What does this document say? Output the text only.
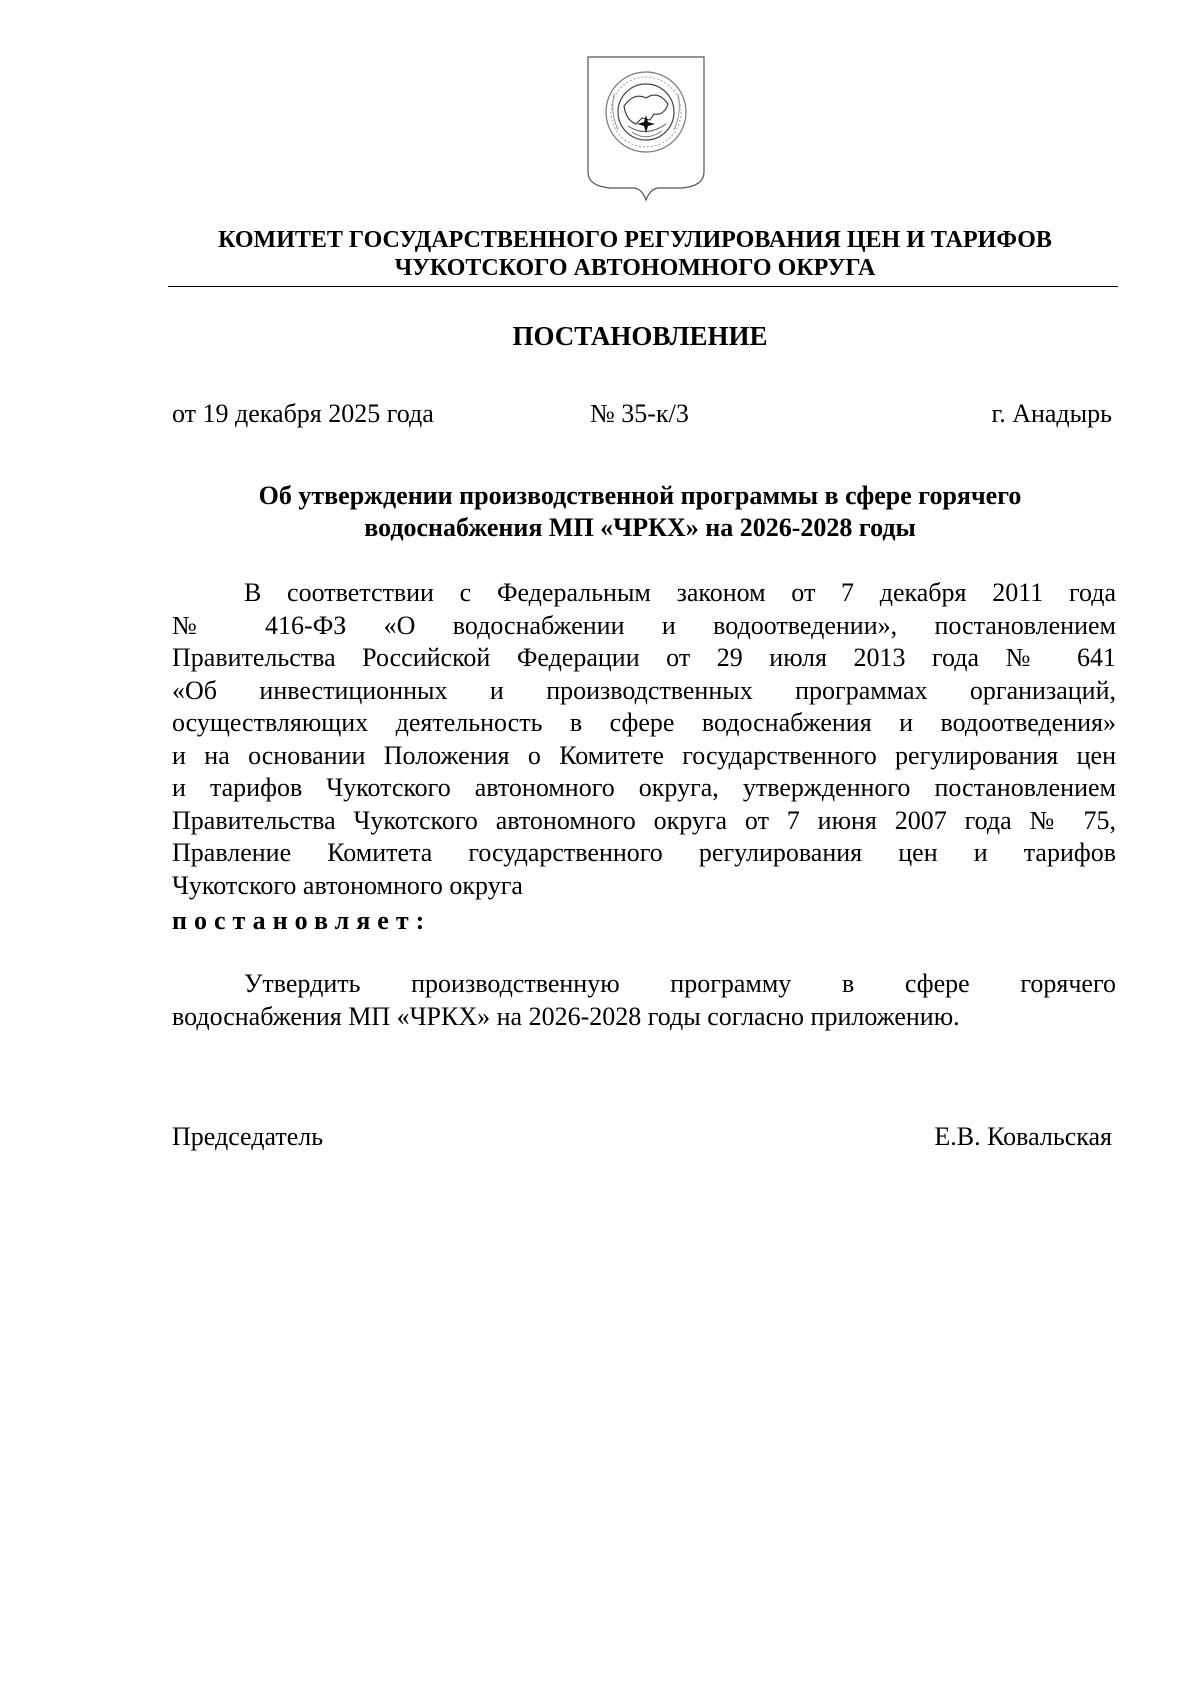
КОМИТЕТ ГОСУДАРСТВЕННОГО РЕГУЛИРОВАНИЯ ЦЕН И ТАРИФОВ
ЧУКОТСКОГО АВТОНОМНОГО ОКРУГА
ПОСТАНОВЛЕНИЕ
от 19 декабря 2025 года	№ 35-к/3	г. Анадырь
Об утверждении производственной программы в сфере горячего
водоснабжения МП «ЧРКХ» на 2026-2028 годы
В соответствии с Федеральным законом от 7 декабря 2011 года
№ 416-ФЗ «О водоснабжении и водоотведении», постановлением
Правительства Российской Федерации от 29 июля 2013 года № 641
«Об инвестиционных и производственных программах организаций,
осуществляющих деятельность в сфере водоснабжения и водоотведения»
и на основании Положения о Комитете государственного регулирования цен
и тарифов Чукотского автономного округа, утвержденного постановлением
Правительства Чукотского автономного округа от 7 июня 2007 года № 75,
Правление Комитета государственного регулирования цен и тарифов
Чукотского автономного округа
постановляет:
Утвердить производственную программу в сфере горячего
водоснабжения МП «ЧРКХ» на 2026-2028 годы согласно приложению.
Председатель	Е.В. Ковальская
